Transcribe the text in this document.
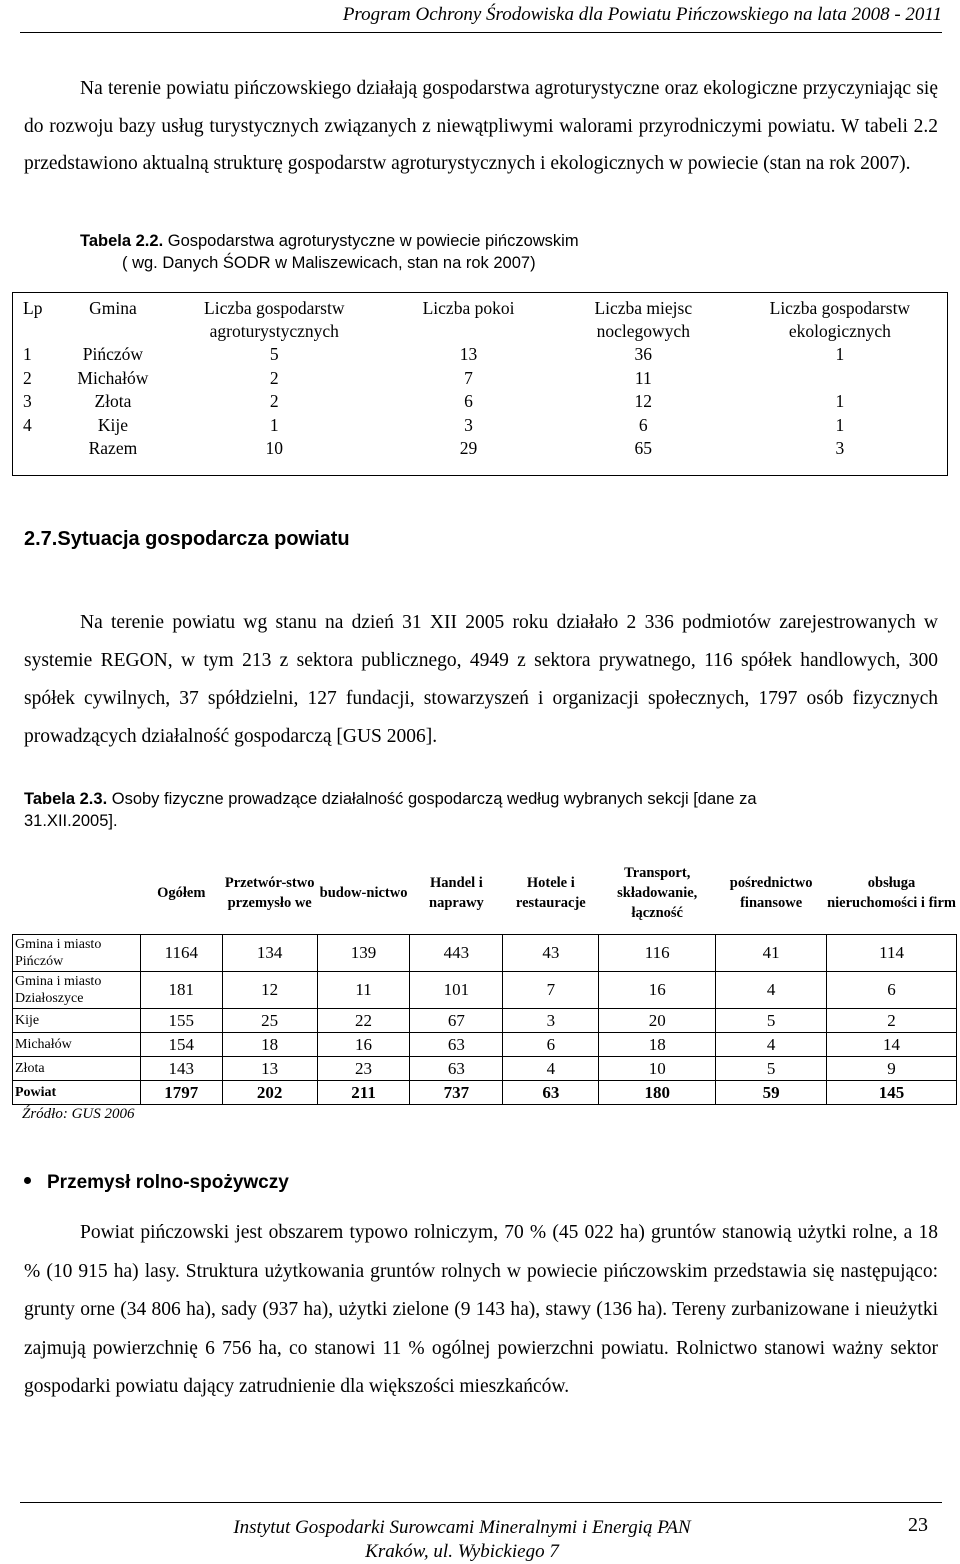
Program Ochrony Środowiska dla Powiatu Pińczowskiego na lata 2008 - 2011

Na terenie powiatu pińczowskiego działają gospodarstwa agroturystyczne oraz ekologiczne przyczyniając się do rozwoju bazy usług turystycznych związanych z niewątpliwymi walorami przyrodniczymi powiatu. W tabeli 2.2 przedstawiono aktualną strukturę gospodarstw agroturystycznych i ekologicznych w powiecie (stan na rok 2007).

Tabela 2.2. Gospodarstwa agroturystyczne w powiecie pińczowskim
( wg. Danych ŚODR w Maliszewicach, stan na rok 2007)
Lp	Gmina	Liczba gospodarstw agroturystycznych	Liczba pokoi	Liczba miejsc noclegowych	Liczba gospodarstw ekologicznych
1	Pińczów	5	13	36	1
2	Michałów	2	7	11	
3	Złota	2	6	12	1
4	Kije	1	3	6	1
	Razem	10	29	65	3
2.7.Sytuacja gospodarcza powiatu

Na terenie powiatu wg stanu na dzień 31 XII 2005 roku działało 2 336 podmiotów zarejestrowanych w systemie REGON, w tym 213 z sektora publicznego, 4949 z sektora prywatnego, 116 spółek handlowych, 300 spółek cywilnych, 37 spółdzielni, 127 fundacji, stowarzyszeń i organizacji społecznych, 1797 osób fizycznych prowadzących działalność gospodarczą [GUS 2006].

Tabela 2.3. Osoby fizyczne prowadzące działalność gospodarczą według wybranych sekcji [dane za 31.XII.2005].
	Ogółem	Przetwór-stwo przemysło we	budow-nictwo	Handel i naprawy	Hotele i restauracje	Transport, składowanie, łączność	pośrednictwo finansowe	obsługa nieruchomości i firm
Gmina i miasto Pińczów	1164	134	139	443	43	116	41	114
Gmina i miasto Działoszyce	181	12	11	101	7	16	4	6
Kije	155	25	22	67	3	20	5	2
Michałów	154	18	16	63	6	18	4	14
Złota	143	13	23	63	4	10	5	9
Powiat	1797	202	211	737	63	180	59	145
Źródło: GUS 2006
Przemysł rolno-spożywczy

Powiat pińczowski jest obszarem typowo rolniczym, 70 % (45 022 ha) gruntów stanowią użytki rolne, a 18 % (10 915 ha) lasy. Struktura użytkowania gruntów rolnych w powiecie pińczowskim przedstawia się następująco: grunty orne (34 806 ha), sady (937 ha), użytki zielone (9 143 ha), stawy (136 ha). Tereny zurbanizowane i nieużytki zajmują powierzchnię 6 756 ha, co stanowi 11 % ogólnej powierzchni powiatu. Rolnictwo stanowi ważny sektor gospodarki powiatu dający zatrudnienie dla większości mieszkańców.

Instytut Gospodarki Surowcami Mineralnymi i Energią PAN
Kraków, ul. Wybickiego 7
23
